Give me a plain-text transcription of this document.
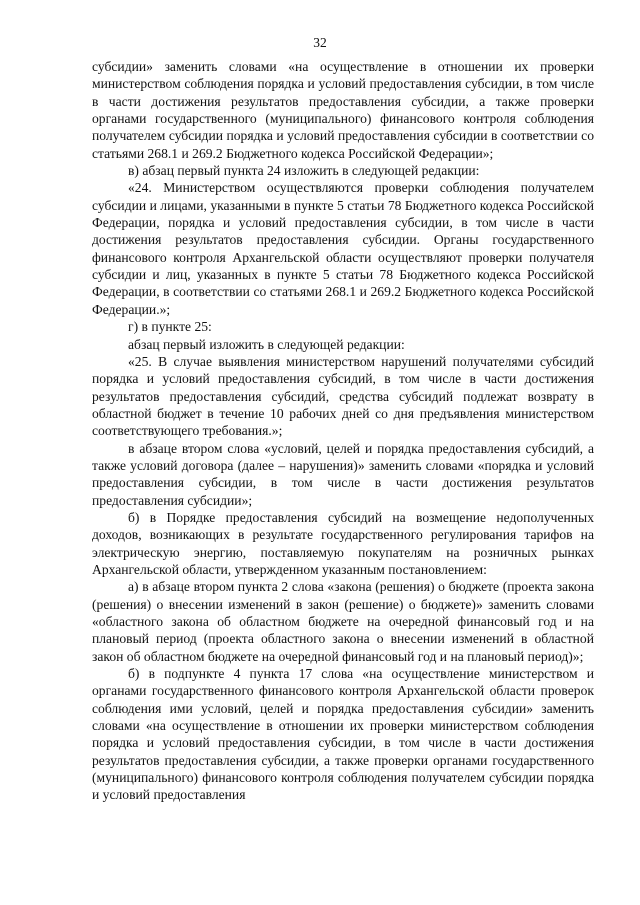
32

субсидии» заменить словами «на осуществление в отношении их проверки министерством соблюдения порядка и условий предоставления субсидии, в том числе в части достижения результатов предоставления субсидии, а также проверки органами государственного (муниципального) финансового контроля соблюдения получателем субсидии порядка и условий предоставления субсидии в соответствии со статьями 268.1 и 269.2 Бюджетного кодекса Российской Федерации»;

в) абзац первый пункта 24 изложить в следующей редакции:

«24. Министерством осуществляются проверки соблюдения получателем субсидии и лицами, указанными в пункте 5 статьи 78 Бюджетного кодекса Российской Федерации, порядка и условий предоставления субсидии, в том числе в части достижения результатов предоставления субсидии. Органы государственного финансового контроля Архангельской области осуществляют проверки получателя субсидии и лиц, указанных в пункте 5 статьи 78 Бюджетного кодекса Российской Федерации, в соответствии со статьями 268.1 и 269.2 Бюджетного кодекса Российской Федерации.»;

г) в пункте 25:

абзац первый изложить в следующей редакции:

«25. В случае выявления министерством нарушений получателями субсидий порядка и условий предоставления субсидий, в том числе в части достижения результатов предоставления субсидий, средства субсидий подлежат возврату в областной бюджет в течение 10 рабочих дней со дня предъявления министерством соответствующего требования.»;

в абзаце втором слова «условий, целей и порядка предоставления субсидий, а также условий договора (далее – нарушения)» заменить словами «порядка и условий предоставления субсидии, в том числе в части достижения результатов предоставления субсидии»;

б) в Порядке предоставления субсидий на возмещение недополученных доходов, возникающих в результате государственного регулирования тарифов на электрическую энергию, поставляемую покупателям на розничных рынках Архангельской области, утвержденном указанным постановлением:

а) в абзаце втором пункта 2 слова «закона (решения) о бюджете (проекта закона (решения) о внесении изменений в закон (решение) о бюджете)» заменить словами «областного закона об областном бюджете на очередной финансовый год и на плановый период (проекта областного закона о внесении изменений в областной закон об областном бюджете на очередной финансовый год и на плановый период)»;

б) в подпункте 4 пункта 17 слова «на осуществление министерством и органами государственного финансового контроля Архангельской области проверок соблюдения ими условий, целей и порядка предоставления субсидии» заменить словами «на осуществление в отношении их проверки министерством соблюдения порядка и условий предоставления субсидии, в том числе в части достижения результатов предоставления субсидии, а также проверки органами государственного (муниципального) финансового контроля соблюдения получателем субсидии порядка и условий предоставления
